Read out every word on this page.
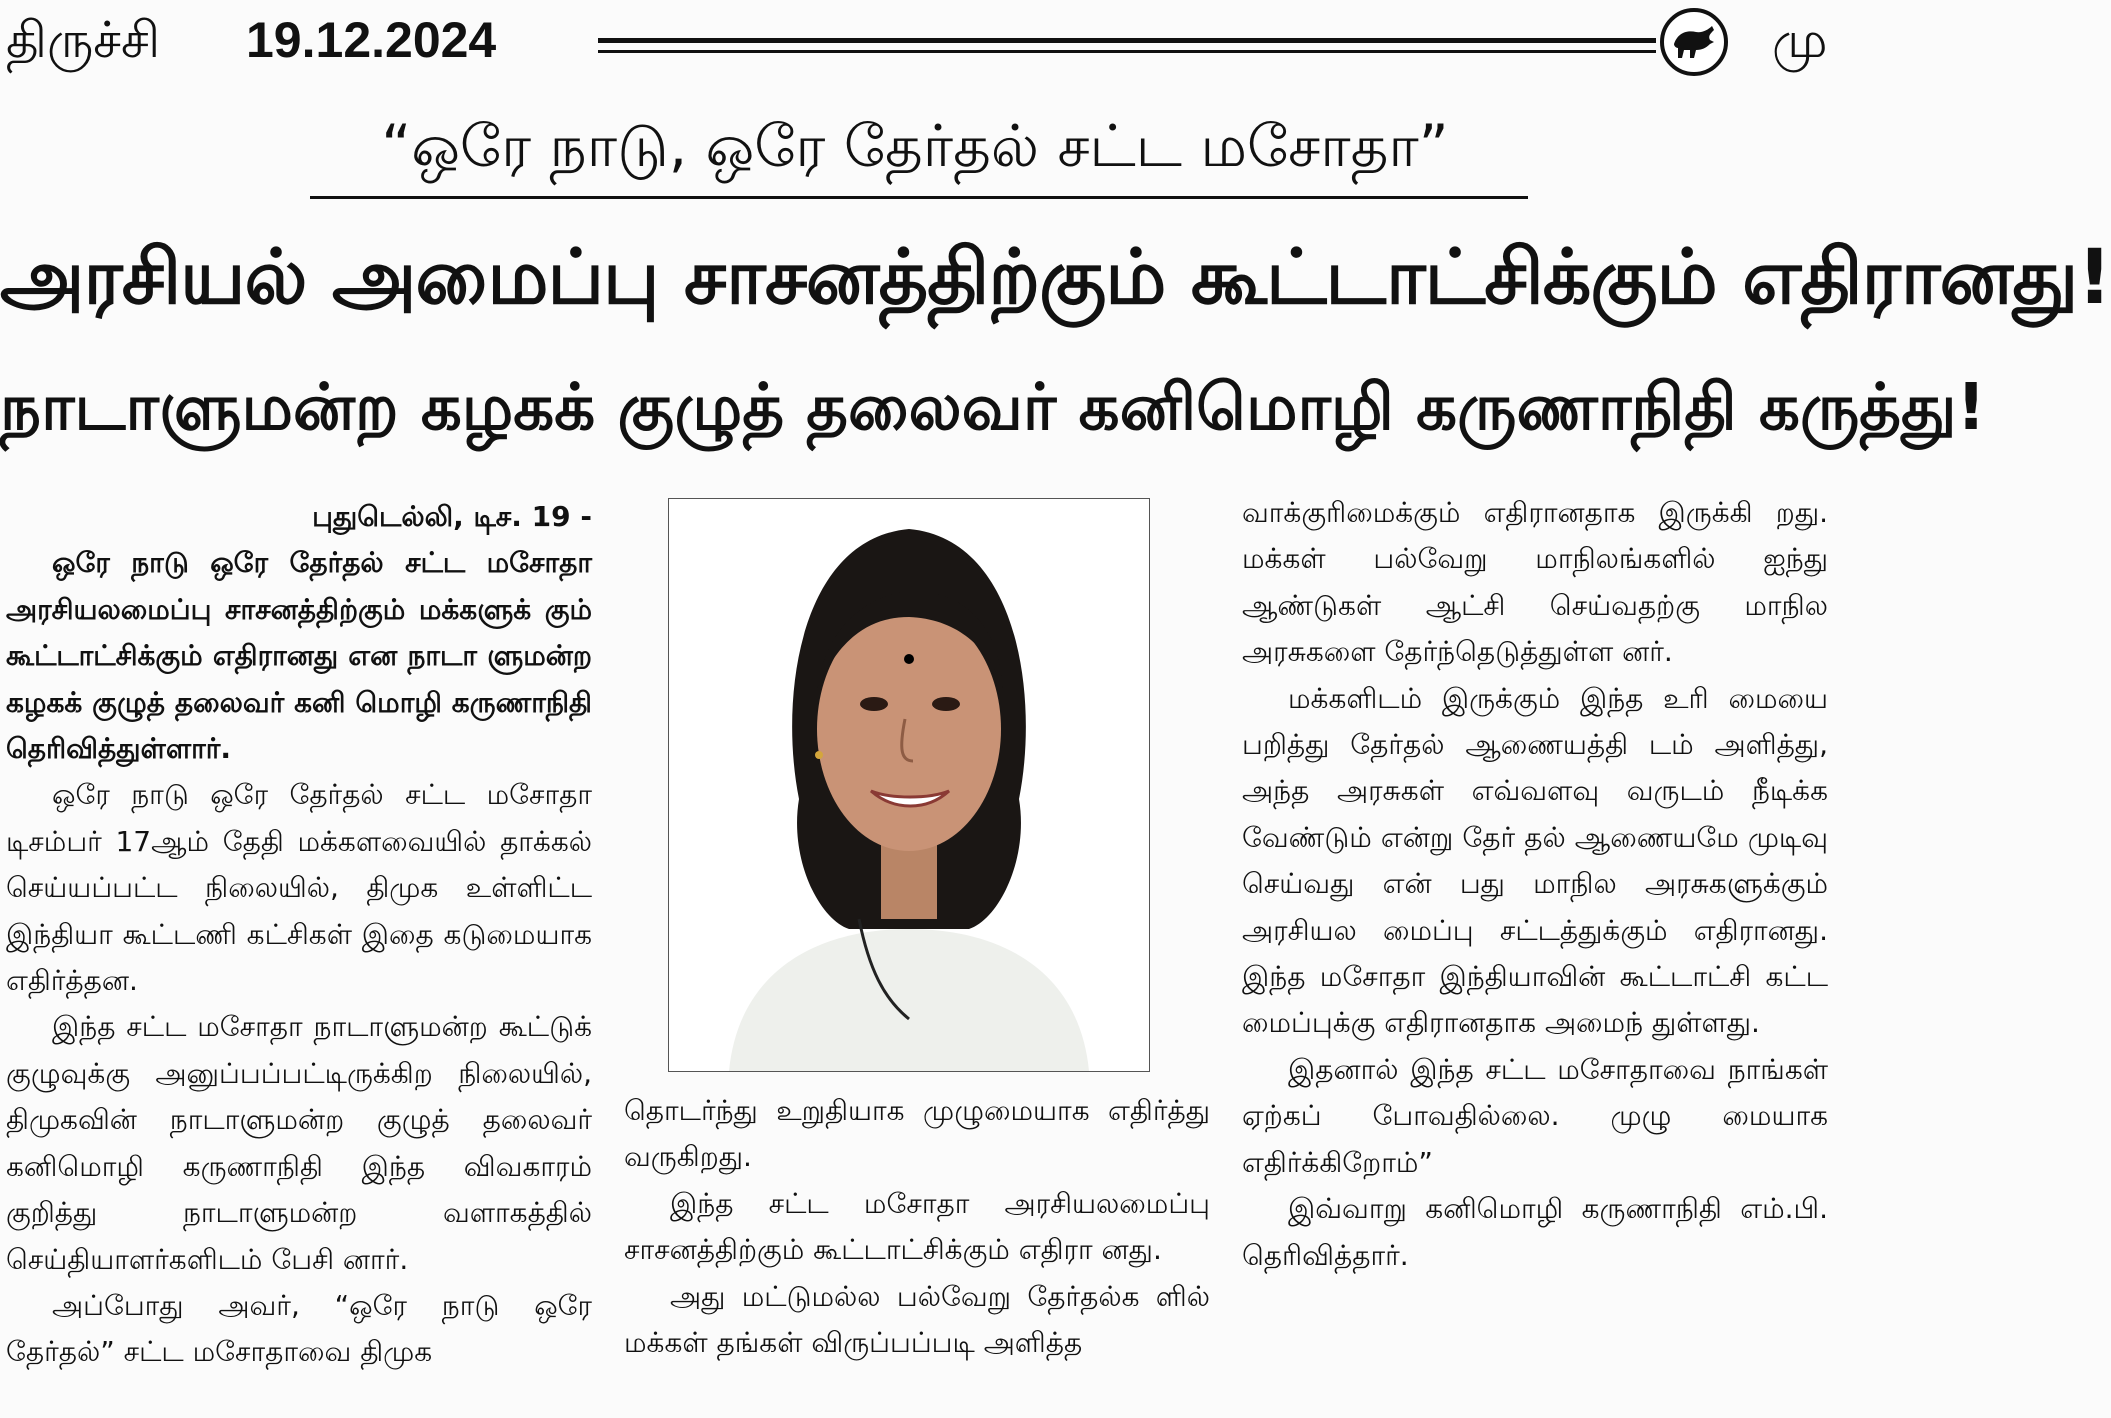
திருச்சி 19.12.2024	மு
“ஒரே நாடு, ஒரே தேர்தல் சட்ட மசோதா”
அரசியல் அமைப்பு சாசனத்திற்கும் கூட்டாட்சிக்கும் எதிரானது!
நாடாளுமன்ற கழகக் குழுத் தலைவர் கனிமொழி கருணாநிதி கருத்து!

புதுடெல்லி, டிச. 19 -

ஒரே நாடு ஒரே தேர்தல் சட்ட மசோதா அரசியலமைப்பு சாசனத்திற்கும் மக்களுக் கும் கூட்டாட்சிக்கும் எதிரானது என நாடா ளுமன்ற கழகக் குழுத் தலைவர் கனி மொழி கருணாநிதி தெரிவித்துள்ளார்.

ஒரே நாடு ஒரே தேர்தல் சட்ட மசோதா டிசம்பர் 17ஆம் தேதி மக்களவையில் தாக்கல் செய்யப்பட்ட நிலையில், திமுக உள்ளிட்ட இந்தியா கூட்டணி கட்சிகள் இதை கடுமையாக எதிர்த்தன.

இந்த சட்ட மசோதா நாடாளுமன்ற கூட்டுக் குழுவுக்கு அனுப்பப்பட்டிருக்கிற நிலையில், திமுகவின் நாடாளுமன்ற குழுத் தலைவர் கனிமொழி கருணாநிதி இந்த விவகாரம் குறித்து நாடாளுமன்ற வளாகத்தில் செய்தியாளர்களிடம் பேசி னார்.

அப்போது அவர், “ஒரே நாடு ஒரே தேர்தல்” சட்ட மசோதாவை திமுக

தொடர்ந்து உறுதியாக முழுமையாக எதிர்த்து வருகிறது.

இந்த சட்ட மசோதா அரசியலமைப்பு சாசனத்திற்கும் கூட்டாட்சிக்கும் எதிரா னது.

அது மட்டுமல்ல பல்வேறு தேர்தல்க ளில் மக்கள் தங்கள் விருப்பப்படி அளித்த

வாக்குரிமைக்கும் எதிரானதாக இருக்கி றது. மக்கள் பல்வேறு மாநிலங்களில் ஐந்து ஆண்டுகள் ஆட்சி செய்வதற்கு மாநில அரசுகளை தேர்ந்தெடுத்துள்ள னர்.

மக்களிடம் இருக்கும் இந்த உரி மையை பறித்து தேர்தல் ஆணையத்தி டம் அளித்து, அந்த அரசுகள் எவ்வளவு வருடம் நீடிக்க வேண்டும் என்று தேர் தல் ஆணையமே முடிவு செய்வது என் பது மாநில அரசுகளுக்கும் அரசியல மைப்பு சட்டத்துக்கும் எதிரானது. இந்த மசோதா இந்தியாவின் கூட்டாட்சி கட்ட மைப்புக்கு எதிரானதாக அமைந் துள்ளது.

இதனால் இந்த சட்ட மசோதாவை நாங்கள் ஏற்கப் போவதில்லை. முழு மையாக எதிர்க்கிறோம்”

இவ்வாறு கனிமொழி கருணாநிதி எம்.பி. தெரிவித்தார்.
